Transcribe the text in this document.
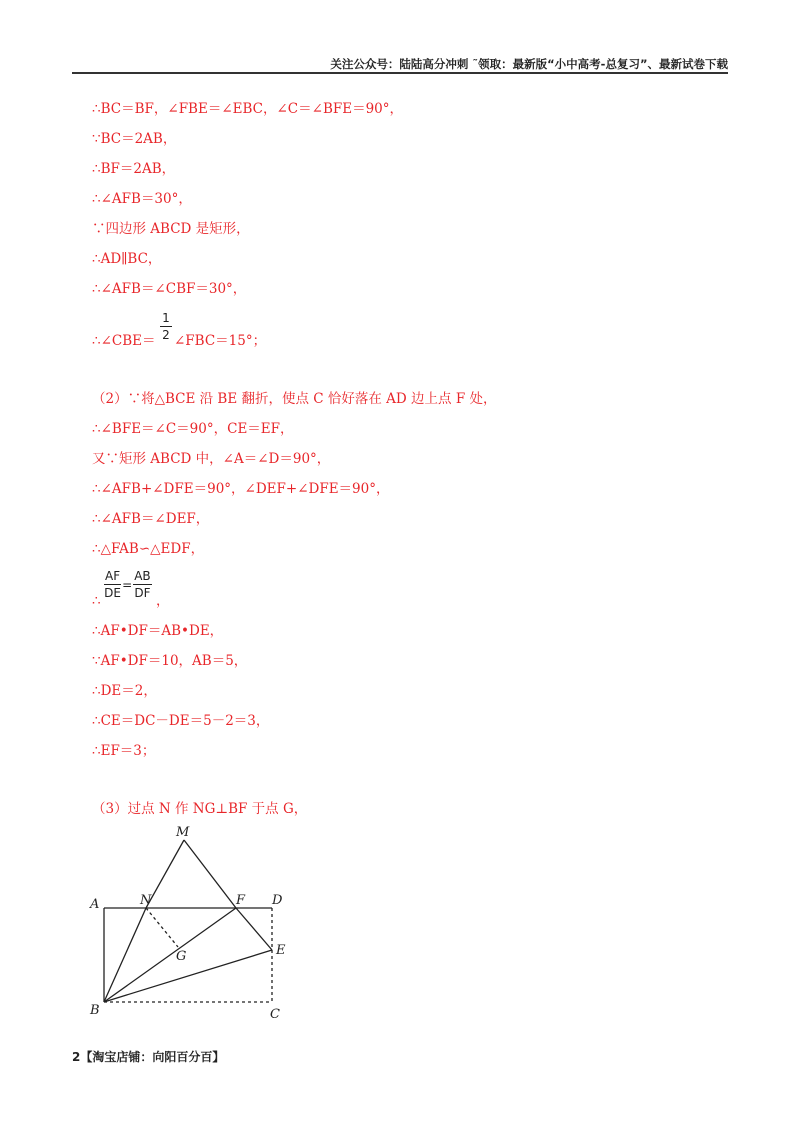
关注公众号：陆陆高分冲刺 ˜领取：最新版“小中高考-总复习”、最新试卷下载
∴BC＝BF，∠FBE＝∠EBC，∠C＝∠BFE＝90°，
∵BC＝2AB，
∴BF＝2AB，
∴∠AFB＝30°，
∵四边形 ABCD 是矩形，
∴AD∥BC，
∴∠AFB＝∠CBF＝30°，
∴∠CBE＝ $\frac{1}{2}$ ∠FBC＝15°；
（2）∵将△BCE 沿 BE 翻折，使点 C 恰好落在 AD 边上点 F 处，
∴∠BFE＝∠C＝90°，CE＝EF，
又∵矩形 ABCD 中，∠A＝∠D＝90°，
∴∠AFB+∠DFE＝90°，∠DEF+∠DFE＝90°，
∴∠AFB＝∠DEF，
∴△FAB∽△EDF，
∴ $\frac{AF}{DE} = \frac{AB}{DF}$ ，
∴AF•DF＝AB•DE，
∵AF•DF＝10，AB＝5，
∴DE＝2，
∴CE＝DC－DE＝5－2＝3，
∴EF＝3；
（3）过点 N 作 NG⊥BF 于点 G，
M
A	N	F D
G	E
B	C
2【淘宝店铺：向阳百分百】
